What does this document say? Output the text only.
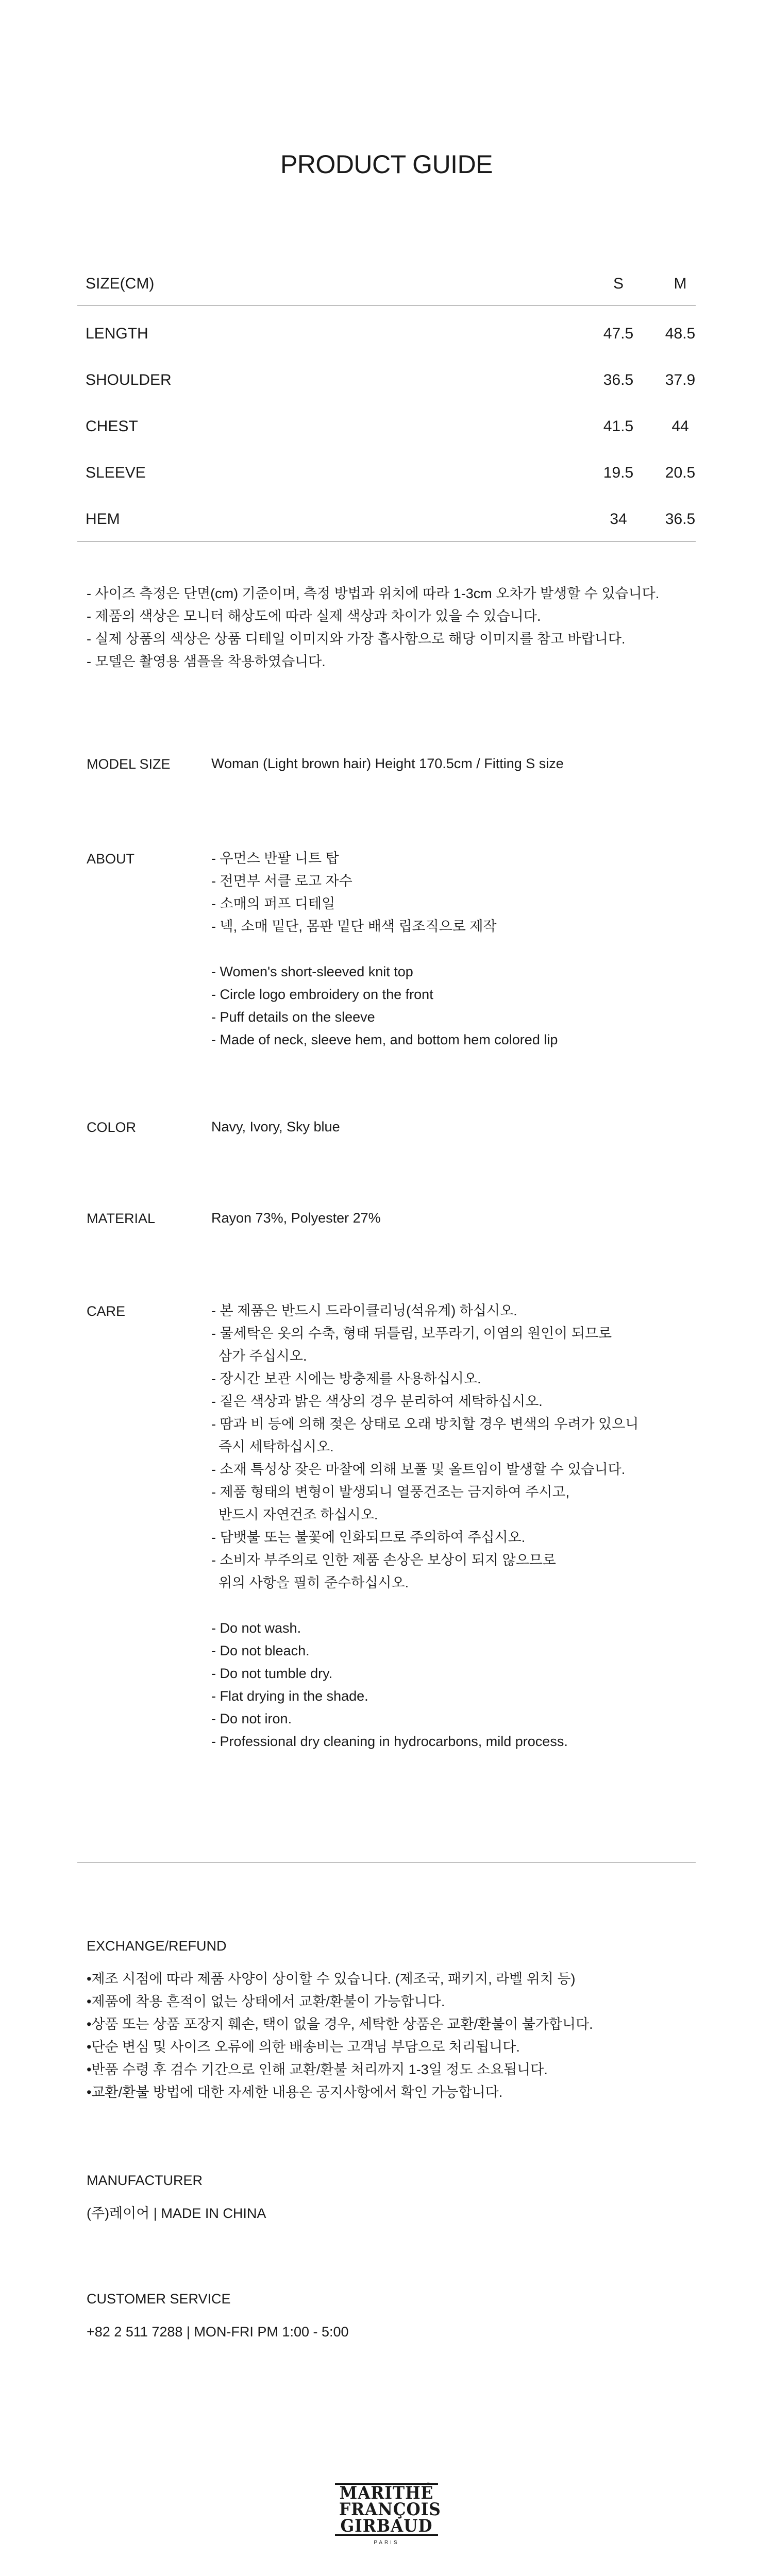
PRODUCT GUIDE
SIZE(CM)	S	M
LENGTH	47.5	48.5
SHOULDER	36.5	37.9
CHEST	41.5	44
SLEEVE	19.5	20.5
HEM	34	36.5
- 사이즈 측정은 단면(cm) 기준이며, 측정 방법과 위치에 따라 1-3cm 오차가 발생할 수 있습니다.
- 제품의 색상은 모니터 해상도에 따라 실제 색상과 차이가 있을 수 있습니다.
- 실제 상품의 색상은 상품 디테일 이미지와 가장 흡사함으로 해당 이미지를 참고 바랍니다.
- 모델은 촬영용 샘플을 착용하였습니다.
MODEL SIZE	Woman (Light brown hair) Height 170.5cm / Fitting S size
ABOUT	- 우먼스 반팔 니트 탑
- 전면부 서클 로고 자수
- 소매의 퍼프 디테일
- 넥, 소매 밑단, 몸판 밑단 배색 립조직으로 제작
- Women's short-sleeved knit top
- Circle logo embroidery on the front
- Puff details on the sleeve
- Made of neck, sleeve hem, and bottom hem colored lip
COLOR	Navy, Ivory, Sky blue
MATERIAL	Rayon 73%, Polyester 27%
CARE	- 본 제품은 반드시 드라이클리닝(석유계) 하십시오.
- 물세탁은 옷의 수축, 형태 뒤틀림, 보푸라기, 이염의 원인이 되므로
삼가 주십시오.
- 장시간 보관 시에는 방충제를 사용하십시오.
- 짙은 색상과 밝은 색상의 경우 분리하여 세탁하십시오.
- 땀과 비 등에 의해 젖은 상태로 오래 방치할 경우 변색의 우려가 있으니
즉시 세탁하십시오.
- 소재 특성상 잦은 마찰에 의해 보풀 및 올트임이 발생할 수 있습니다.
- 제품 형태의 변형이 발생되니 열풍건조는 금지하여 주시고,
반드시 자연건조 하십시오.
- 담뱃불 또는 불꽃에 인화되므로 주의하여 주십시오.
- 소비자 부주의로 인한 제품 손상은 보상이 되지 않으므로
위의 사항을 필히 준수하십시오.
- Do not wash.
- Do not bleach.
- Do not tumble dry.
- Flat drying in the shade.
- Do not iron.
- Professional dry cleaning in hydrocarbons, mild process.
EXCHANGE/REFUND
•제조 시점에 따라 제품 사양이 상이할 수 있습니다. (제조국, 패키지, 라벨 위치 등)
•제품에 착용 흔적이 없는 상태에서 교환/환불이 가능합니다.
•상품 또는 상품 포장지 훼손, 택이 없을 경우, 세탁한 상품은 교환/환불이 불가합니다.
•단순 변심 및 사이즈 오류에 의한 배송비는 고객님 부담으로 처리됩니다.
•반품 수령 후 검수 기간으로 인해 교환/환불 처리까지 1-3일 정도 소요됩니다.
•교환/환불 방법에 대한 자세한 내용은 공지사항에서 확인 가능합니다.
MANUFACTURER
(주)레이어 | MADE IN CHINA
CUSTOMER SERVICE
+82 2 511 7288 | MON-FRI PM 1:00 - 5:00
MARITHÉ
FRANÇOIS
GIRBAUD
PARIS
